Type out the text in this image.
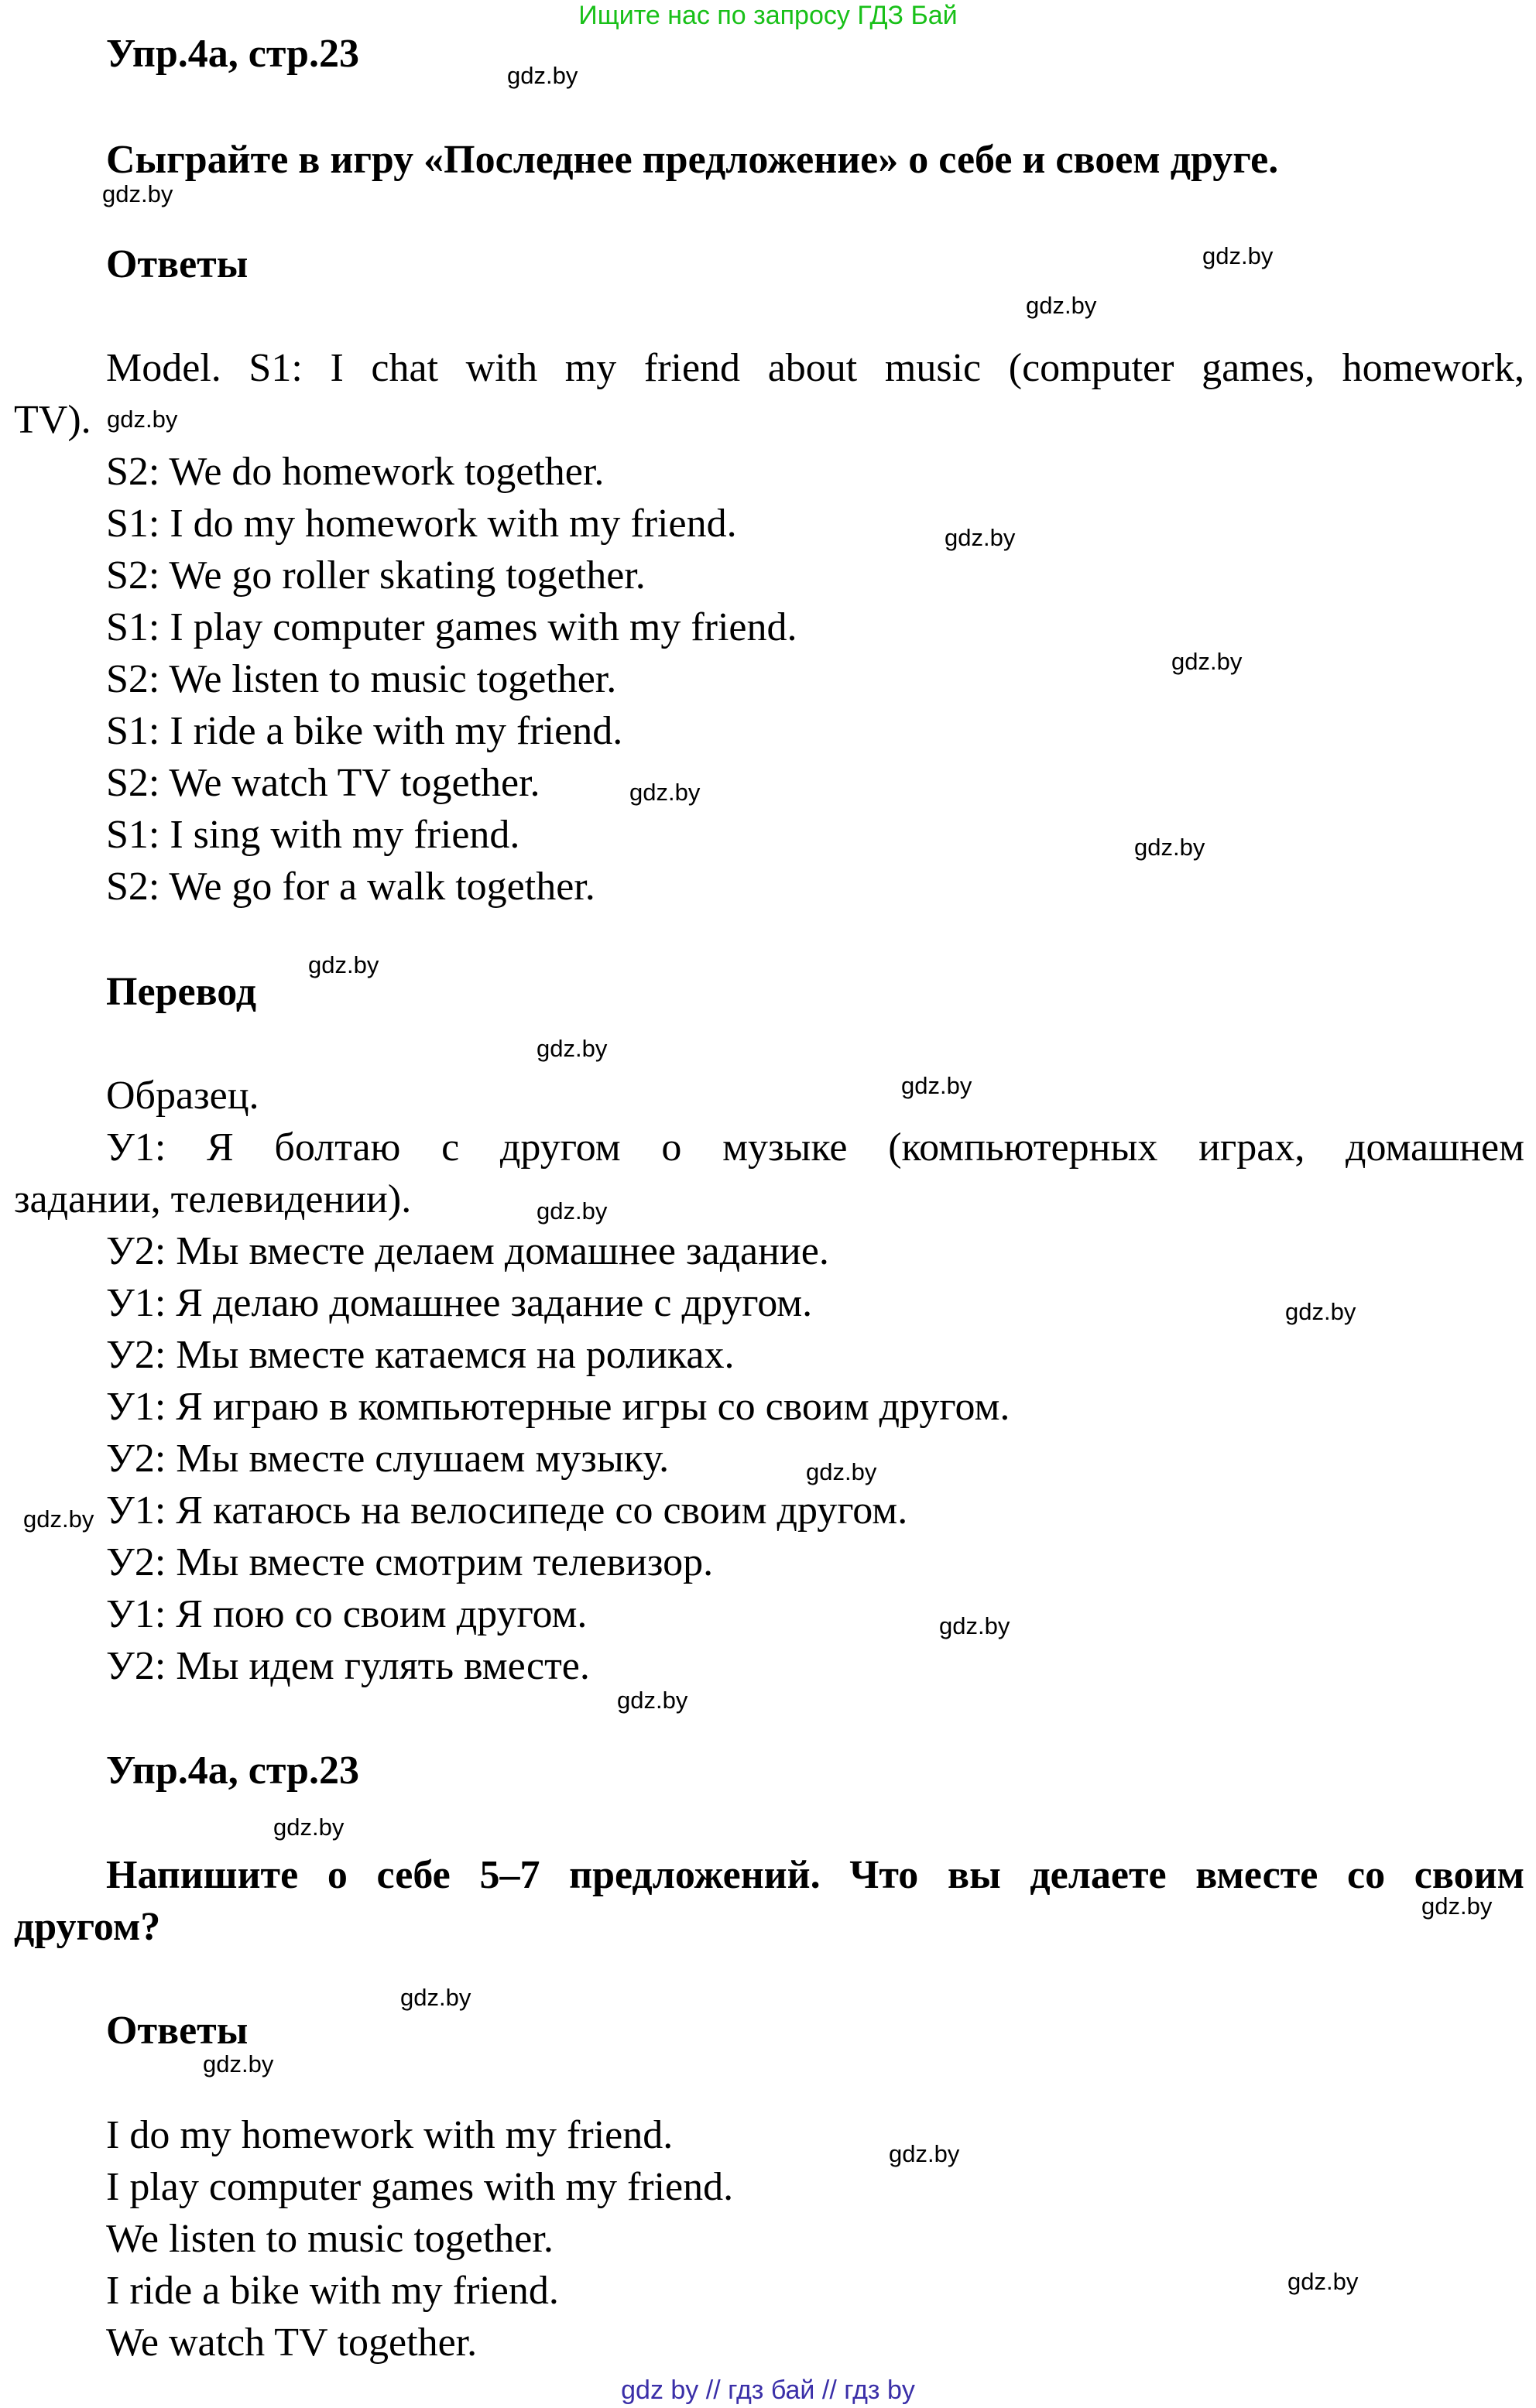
Ищите нас по запросу ГДЗ Бай
Упр.4а, стр.23
Сыграйте в игру «Последнее предложение» о себе и своем друге.
Ответы
Model. S1: I chat with my friend about music (computer games, homework,
TV).
S2: We do homework together.
S1: I do my homework with my friend.
S2: We go roller skating together.
S1: I play computer games with my friend.
S2: We listen to music together.
S1: I ride a bike with my friend.
S2: We watch TV together.
S1: I sing with my friend.
S2: We go for a walk together.
Перевод
Образец.
У1: Я болтаю с другом о музыке (компьютерных играх, домашнем
задании, телевидении).
У2: Мы вместе делаем домашнее задание.
У1: Я делаю домашнее задание с другом.
У2: Мы вместе катаемся на роликах.
У1: Я играю в компьютерные игры со своим другом.
У2: Мы вместе слушаем музыку.
У1: Я катаюсь на велосипеде со своим другом.
У2: Мы вместе смотрим телевизор.
У1: Я пою со своим другом.
У2: Мы идем гулять вместе.
Упр.4а, стр.23
Напишите о себе 5–7 предложений. Что вы делаете вместе со своим
другом?
Ответы
I do my homework with my friend.
I play computer games with my friend.
We listen to music together.
I ride a bike with my friend.
We watch TV together.
gdz.by
gdz.by
gdz.by
gdz.by
gdz.by
gdz.by
gdz.by
gdz.by
gdz.by
gdz.by
gdz.by
gdz.by
gdz.by
gdz.by
gdz.by
gdz.by
gdz.by
gdz.by
gdz.by
gdz.by
gdz.by
gdz.by
gdz.by
gdz.by
gdz by // гдз бай // гдз by
